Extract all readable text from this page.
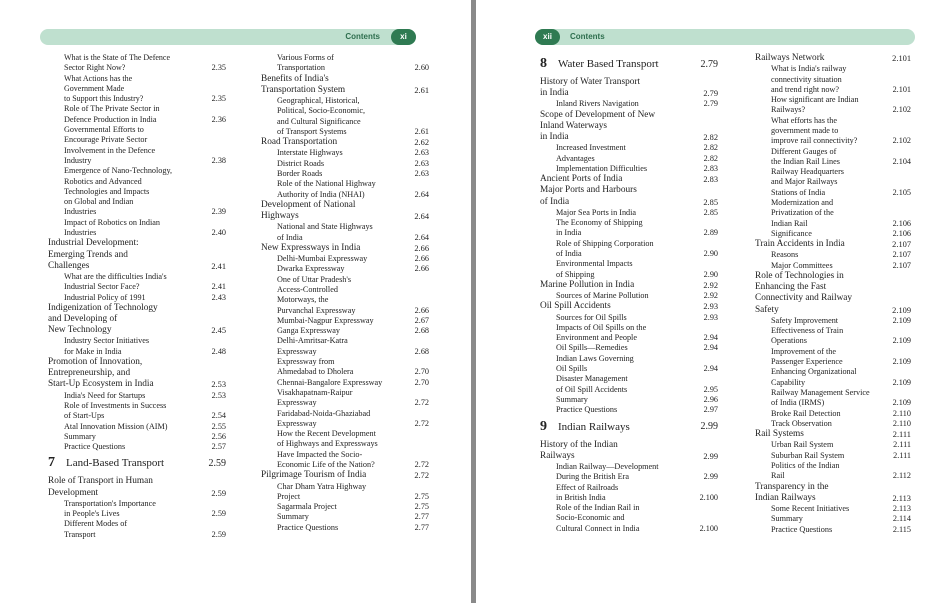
Contents	xi
What is the State of The Defence
Sector Right Now?	2.35
What Actions has the
Government Made
to Support this Industry?	2.35
Role of The Private Sector in
Defence Production in India	2.36
Governmental Efforts to
Encourage Private Sector
Involvement in the Defence
Industry	2.38
Emergence of Nano-Technology,
Robotics and Advanced
Technologies and Impacts
on Global and Indian
Industries	2.39
Impact of Robotics on Indian
Industries	2.40
Industrial Development:
Emerging Trends and
Challenges	2.41
What are the difficulties India's
Industrial Sector Face?	2.41
Industrial Policy of 1991	2.43
Indigenization of Technology
and Developing of
New Technology	2.45
Industry Sector Initiatives
for Make in India	2.48
Promotion of Innovation,
Entrepreneurship, and
Start-Up Ecosystem in India	2.53
India's Need for Startups	2.53
Role of Investments in Success
of Start-Ups	2.54
Atal Innovation Mission (AIM)	2.55
Summary	2.56
Practice Questions	2.57
7	Land-Based Transport	2.59
Role of Transport in Human
Development	2.59
Transportation's Importance
in People's Lives	2.59
Different Modes of
Transport	2.59
Various Forms of
Transportation	2.60
Benefits of India's
Transportation System	2.61
Geographical, Historical,
Political, Socio-Economic,
and Cultural Significance
of Transport Systems	2.61
Road Transportation	2.62
Interstate Highways	2.63
District Roads	2.63
Border Roads	2.63
Role of the National Highway
Authority of India (NHAI)	2.64
Development of National
Highways	2.64
National and State Highways
of India	2.64
New Expressways in India	2.66
Delhi-Mumbai Expressway	2.66
Dwarka Expressway	2.66
One of Uttar Pradesh's
Access-Controlled
Motorways, the
Purvanchal Expressway	2.66
Mumbai-Nagpur Expressway	2.67
Ganga Expressway	2.68
Delhi-Amritsar-Katra
Expressway	2.68
Expressway from
Ahmedabad to Dholera	2.70
Chennai-Bangalore Expressway	2.70
Visakhapatnam-Raipur
Expressway	2.72
Faridabad-Noida-Ghaziabad
Expressway	2.72
How the Recent Development
of Highways and Expressways
Have Impacted the Socio-
Economic Life of the Nation?	2.72
Pilgrimage Tourism of India	2.72
Char Dham Yatra Highway
Project	2.75
Sagarmala Project	2.75
Summary	2.77
Practice Questions	2.77
xii	Contents
8	Water Based Transport	2.79
History of Water Transport
in India	2.79
Inland Rivers Navigation	2.79
Scope of Development of New
Inland Waterways
in India	2.82
Increased Investment	2.82
Advantages	2.82
Implementation Difficulties	2.83
Ancient Ports of India	2.83
Major Ports and Harbours
of India	2.85
Major Sea Ports in India	2.85
The Economy of Shipping
in India	2.89
Role of Shipping Corporation
of India	2.90
Environmental Impacts
of Shipping	2.90
Marine Pollution in India	2.92
Sources of Marine Pollution	2.92
Oil Spill Accidents	2.93
Sources for Oil Spills	2.93
Impacts of Oil Spills on the
Environment and People	2.94
Oil Spills—Remedies	2.94
Indian Laws Governing
Oil Spills	2.94
Disaster Management
of Oil Spill Accidents	2.95
Summary	2.96
Practice Questions	2.97
9	Indian Railways	2.99
History of the Indian
Railways	2.99
Indian Railway—Development
During the British Era	2.99
Effect of Railroads
in British India	2.100
Role of the Indian Rail in
Socio-Economic and
Cultural Connect in India	2.100
Railways Network	2.101
What is India's railway
connectivity situation
and trend right now?	2.101
How significant are Indian
Railways?	2.102
What efforts has the
government made to
improve rail connectivity?	2.102
Different Gauges of
the Indian Rail Lines	2.104
Railway Headquarters
and Major Railways
Stations of India	2.105
Modernization and
Privatization of the
Indian Rail	2.106
Significance	2.106
Train Accidents in India	2.107
Reasons	2.107
Major Committees	2.107
Role of Technologies in
Enhancing the Fast
Connectivity and Railway
Safety	2.109
Safety Improvement	2.109
Effectiveness of Train
Operations	2.109
Improvement of the
Passenger Experience	2.109
Enhancing Organizational
Capability	2.109
Railway Management Service
of India (IRMS)	2.109
Broke Rail Detection	2.110
Track Observation	2.110
Rail Systems	2.111
Urban Rail System	2.111
Suburban Rail System	2.111
Politics of the Indian
Rail	2.112
Transparency in the
Indian Railways	2.113
Some Recent Initiatives	2.113
Summary	2.114
Practice Questions	2.115
